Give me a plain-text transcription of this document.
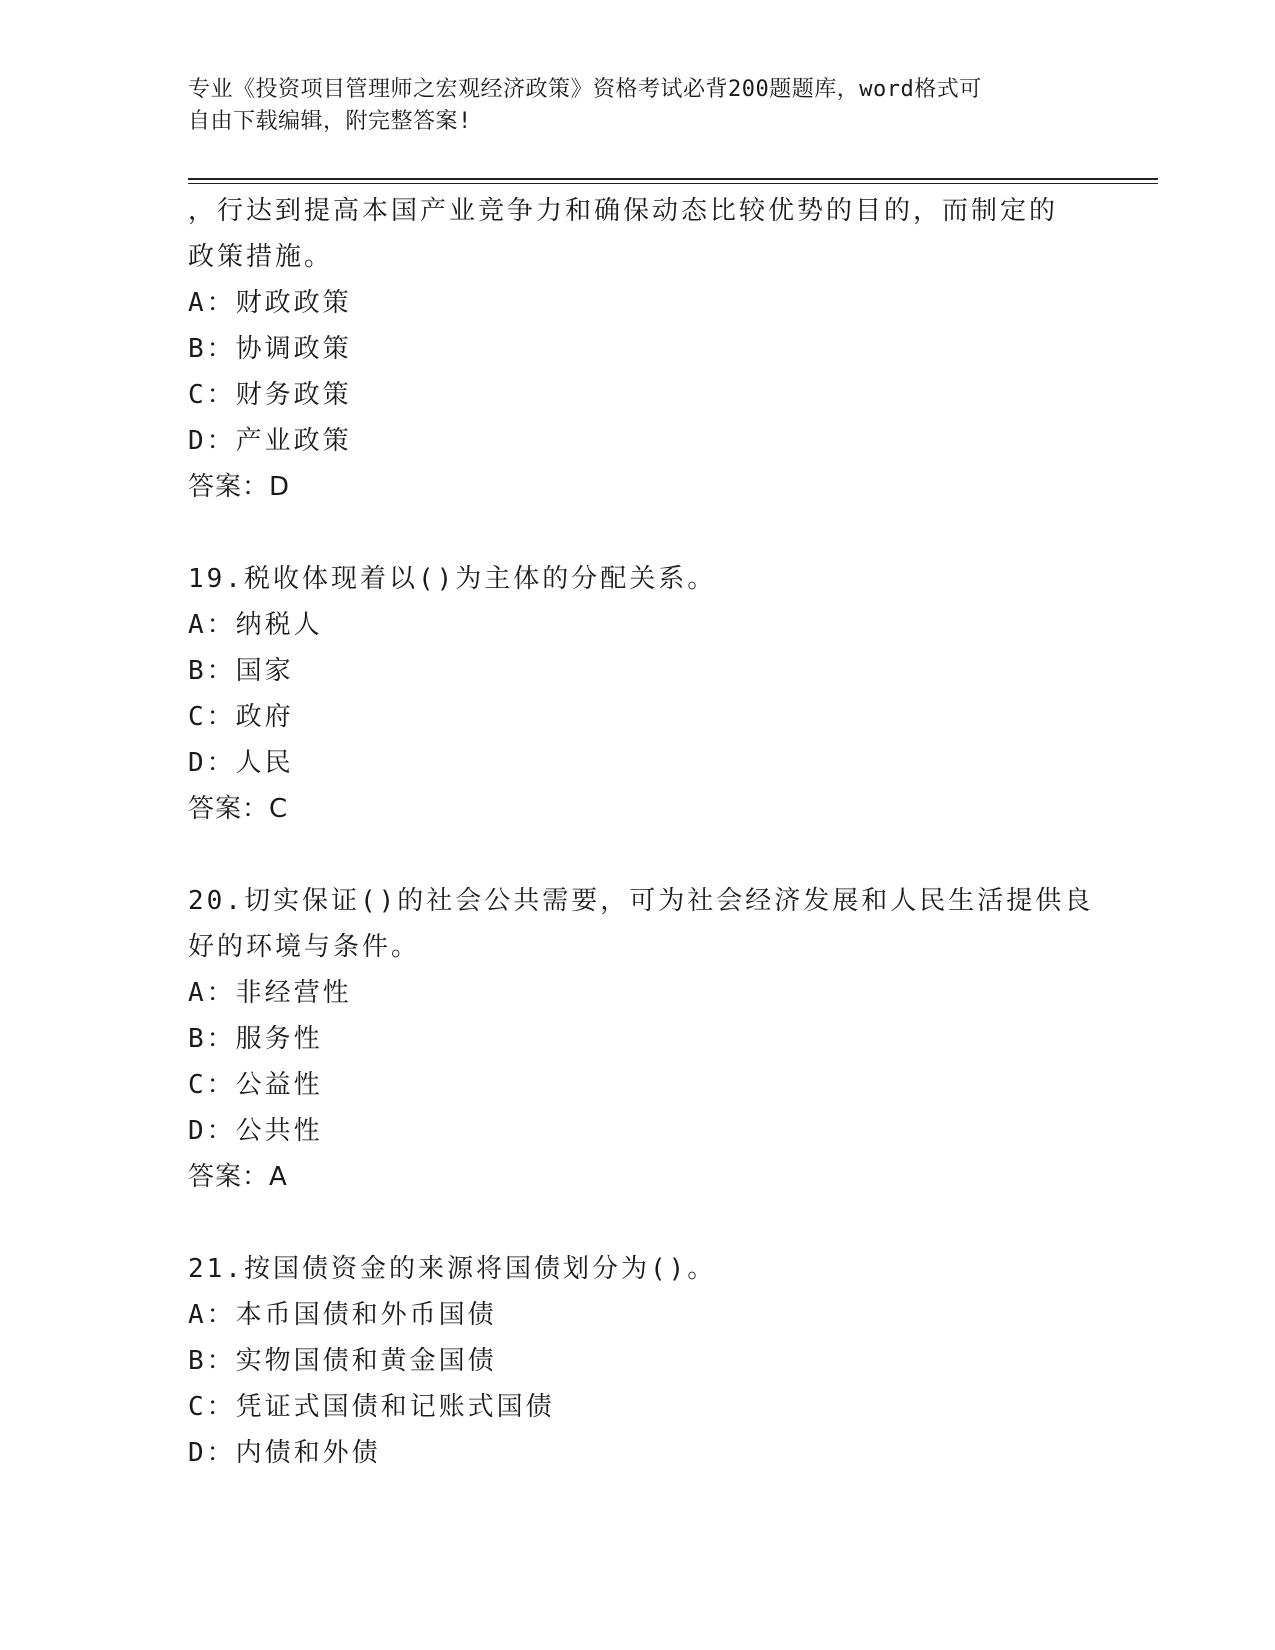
专业《投资项目管理师之宏观经济政策》资格考试必背200题题库，word格式可
自由下载编辑，附完整答案!
，行达到提高本国产业竞争力和确保动态比较优势的目的，而制定的
政策措施。
A：财政政策
B：协调政策
C：财务政策
D：产业政策
答案：D
19.税收体现着以()为主体的分配关系。
A：纳税人
B：国家
C：政府
D：人民
答案：C
20.切实保证()的社会公共需要，可为社会经济发展和人民生活提供良
好的环境与条件。
A：非经营性
B：服务性
C：公益性
D：公共性
答案：A
21.按国债资金的来源将国债划分为()。
A：本币国债和外币国债
B：实物国债和黄金国债
C：凭证式国债和记账式国债
D：内债和外债
